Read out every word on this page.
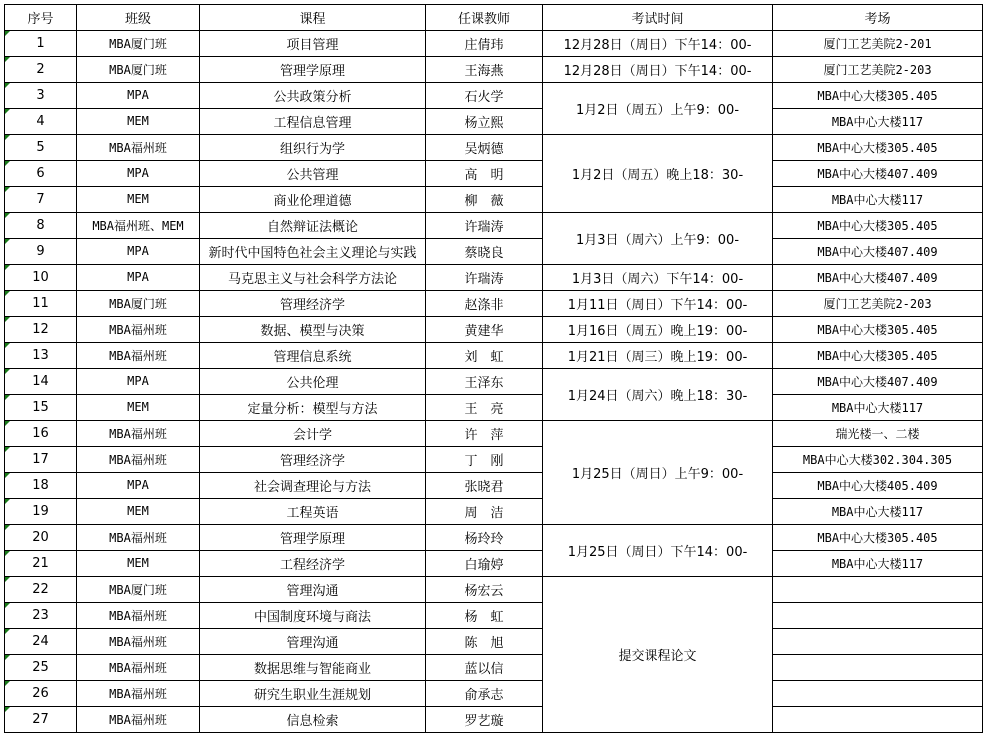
序号	班级	课程	任课教师	考试时间	考场

1	MBA厦门班	项目管理	庄倩玮	12月28日（周日）下午14：00-	厦门工艺美院2-201

2	MBA厦门班	管理学原理	王海燕	12月28日（周日）下午14：00-	厦门工艺美院2-203

3	MPA	公共政策分析	石火学	1月2日（周五）上午9：00-	MBA中心大楼305.405

4	MEM	工程信息管理	杨立熙		MBA中心大楼117

5	MBA福州班	组织行为学	吴炳德	1月2日（周五）晚上18：30-	MBA中心大楼305.405

6	MPA	公共管理	高　明		MBA中心大楼407.409

7	MEM	商业伦理道德	柳　薇		MBA中心大楼117

8	MBA福州班、MEM	自然辩证法概论	许瑞涛	1月3日（周六）上午9：00-	MBA中心大楼305.405

9	MPA	新时代中国特色社会主义理论与实践	蔡晓良		MBA中心大楼407.409

10	MPA	马克思主义与社会科学方法论	许瑞涛	1月3日（周六）下午14：00-	MBA中心大楼407.409

11	MBA厦门班	管理经济学	赵涤非	1月11日（周日）下午14：00-	厦门工艺美院2-203

12	MBA福州班	数据、模型与决策	黄建华	1月16日（周五）晚上19：00-	MBA中心大楼305.405

13	MBA福州班	管理信息系统	刘　虹	1月21日（周三）晚上19：00-	MBA中心大楼305.405

14	MPA	公共伦理	王泽东	1月24日（周六）晚上18：30-	MBA中心大楼407.409

15	MEM	定量分析：模型与方法	王　亮		MBA中心大楼117

16	MBA福州班	会计学	许　萍	1月25日（周日）上午9：00-	瑞光楼一、二楼

17	MBA福州班	管理经济学	丁　刚		MBA中心大楼302.304.305

18	MPA	社会调查理论与方法	张晓君		MBA中心大楼405.409

19	MEM	工程英语	周　洁		MBA中心大楼117

20	MBA福州班	管理学原理	杨玲玲	1月25日（周日）下午14：00-	MBA中心大楼305.405

21	MEM	工程经济学	白瑜婷		MBA中心大楼117

22	MBA厦门班	管理沟通	杨宏云	提交课程论文	

23	MBA福州班	中国制度环境与商法	杨　虹		

24	MBA福州班	管理沟通	陈　旭		

25	MBA福州班	数据思维与智能商业	蓝以信		

26	MBA福州班	研究生职业生涯规划	俞承志		

27	MBA福州班	信息检索	罗艺璇		
